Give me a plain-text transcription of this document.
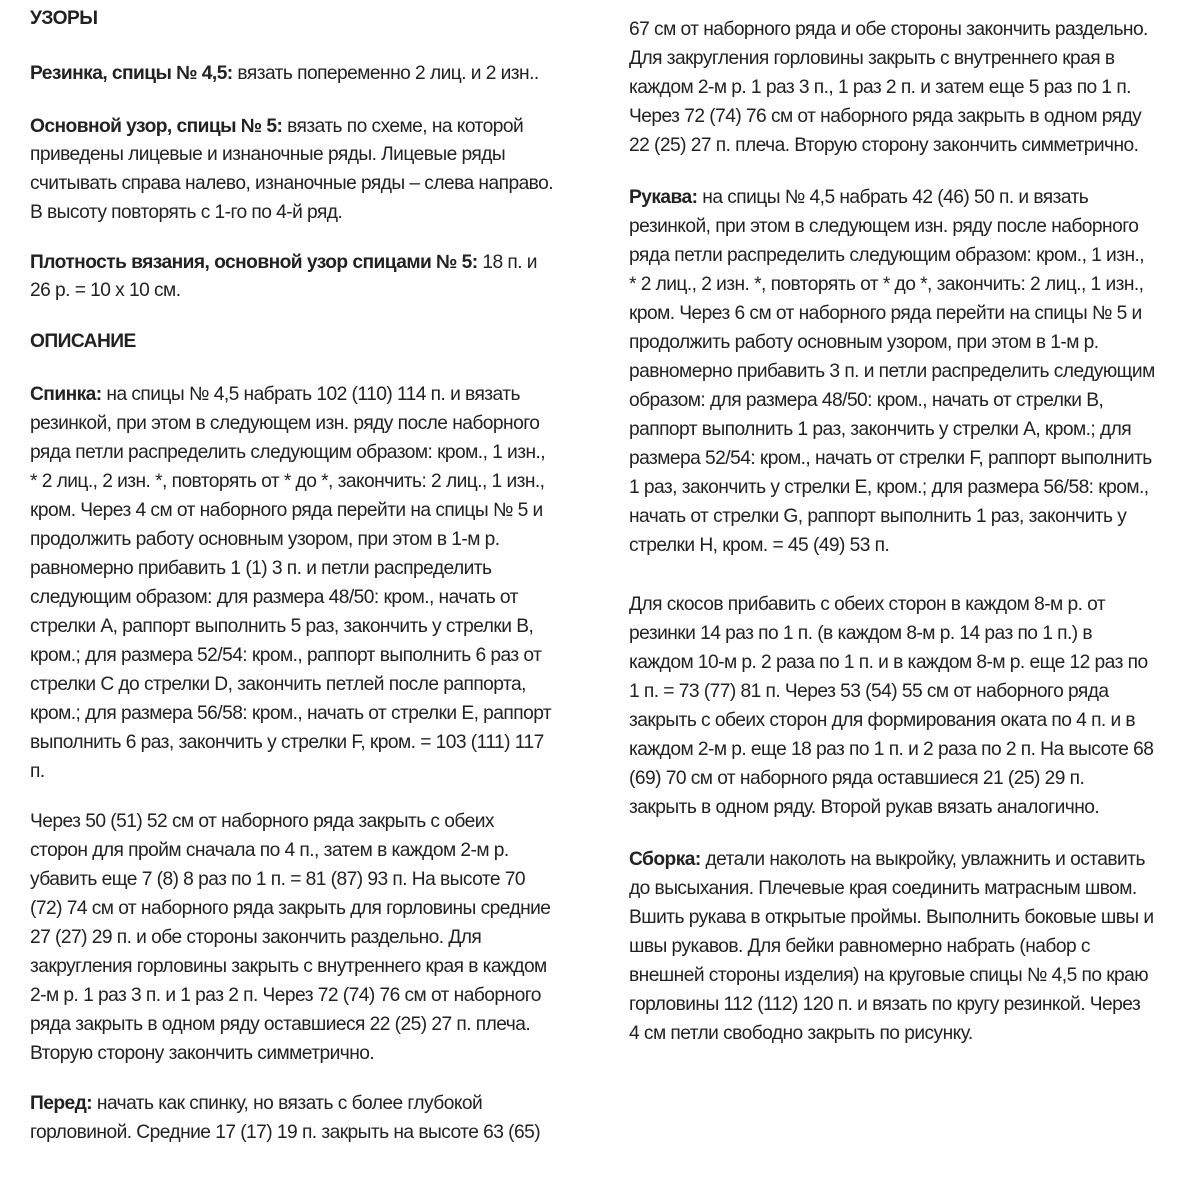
УЗОРЫ
Резинка, спицы № 4,5: вязать попеременно 2 лиц. и 2 изн..
Основной узор, спицы № 5: вязать по схеме, на которой
приведены лицевые и изнаночные ряды. Лицевые ряды
считывать справа налево, изнаночные ряды – слева направо.
В высоту повторять с 1-го по 4-й ряд.
Плотность вязания, основной узор спицами № 5: 18 п. и
26 р. = 10 х 10 см.
ОПИСАНИЕ
Спинка: на спицы № 4,5 набрать 102 (110) 114 п. и вязать
резинкой, при этом в следующем изн. ряду после наборного
ряда петли распределить следующим образом: кром., 1 изн.,
* 2 лиц., 2 изн. *, повторять от * до *, закончить: 2 лиц., 1 изн.,
кром. Через 4 см от наборного ряда перейти на спицы № 5 и
продолжить работу основным узором, при этом в 1-м р.
равномерно прибавить 1 (1) 3 п. и петли распределить
следующим образом: для размера 48/50: кром., начать от
стрелки А, раппорт выполнить 5 раз, закончить у стрелки В,
кром.; для размера 52/54: кром., раппорт выполнить 6 раз от
стрелки С до стрелки D, закончить петлей после раппорта,
кром.; для размера 56/58: кром., начать от стрелки Е, раппорт
выполнить 6 раз, закончить у стрелки F, кром. = 103 (111) 117
п.
Через 50 (51) 52 см от наборного ряда закрыть с обеих
сторон для пройм сначала по 4 п., затем в каждом 2-м р.
убавить еще 7 (8) 8 раз по 1 п. = 81 (87) 93 п. На высоте 70
(72) 74 см от наборного ряда закрыть для горловины средние
27 (27) 29 п. и обе стороны закончить раздельно. Для
закругления горловины закрыть с внутреннего края в каждом
2-м р. 1 раз 3 п. и 1 раз 2 п. Через 72 (74) 76 см от наборного
ряда закрыть в одном ряду оставшиеся 22 (25) 27 п. плеча.
Вторую сторону закончить симметрично.
Перед: начать как спинку, но вязать с более глубокой
горловиной. Средние 17 (17) 19 п. закрыть на высоте 63 (65)
67 см от наборного ряда и обе стороны закончить раздельно.
Для закругления горловины закрыть с внутреннего края в
каждом 2-м р. 1 раз 3 п., 1 раз 2 п. и затем еще 5 раз по 1 п.
Через 72 (74) 76 см от наборного ряда закрыть в одном ряду
22 (25) 27 п. плеча. Вторую сторону закончить симметрично.
Рукава: на спицы № 4,5 набрать 42 (46) 50 п. и вязать
резинкой, при этом в следующем изн. ряду после наборного
ряда петли распределить следующим образом: кром., 1 изн.,
* 2 лиц., 2 изн. *, повторять от * до *, закончить: 2 лиц., 1 изн.,
кром. Через 6 см от наборного ряда перейти на спицы № 5 и
продолжить работу основным узором, при этом в 1-м р.
равномерно прибавить 3 п. и петли распределить следующим
образом: для размера 48/50: кром., начать от стрелки В,
раппорт выполнить 1 раз, закончить у стрелки А, кром.; для
размера 52/54: кром., начать от стрелки F, раппорт выполнить
1 раз, закончить у стрелки Е, кром.; для размера 56/58: кром.,
начать от стрелки G, раппорт выполнить 1 раз, закончить у
стрелки Н, кром. = 45 (49) 53 п.
Для скосов прибавить с обеих сторон в каждом 8-м р. от
резинки 14 раз по 1 п. (в каждом 8-м р. 14 раз по 1 п.) в
каждом 10-м р. 2 раза по 1 п. и в каждом 8-м р. еще 12 раз по
1 п. = 73 (77) 81 п. Через 53 (54) 55 см от наборного ряда
закрыть с обеих сторон для формирования оката по 4 п. и в
каждом 2-м р. еще 18 раз по 1 п. и 2 раза по 2 п. На высоте 68
(69) 70 см от наборного ряда оставшиеся 21 (25) 29 п.
закрыть в одном ряду. Второй рукав вязать аналогично.
Сборка: детали наколоть на выкройку, увлажнить и оставить
до высыхания. Плечевые края соединить матрасным швом.
Вшить рукава в открытые проймы. Выполнить боковые швы и
швы рукавов. Для бейки равномерно набрать (набор с
внешней стороны изделия) на круговые спицы № 4,5 по краю
горловины 112 (112) 120 п. и вязать по кругу резинкой. Через
4 см петли свободно закрыть по рисунку.
